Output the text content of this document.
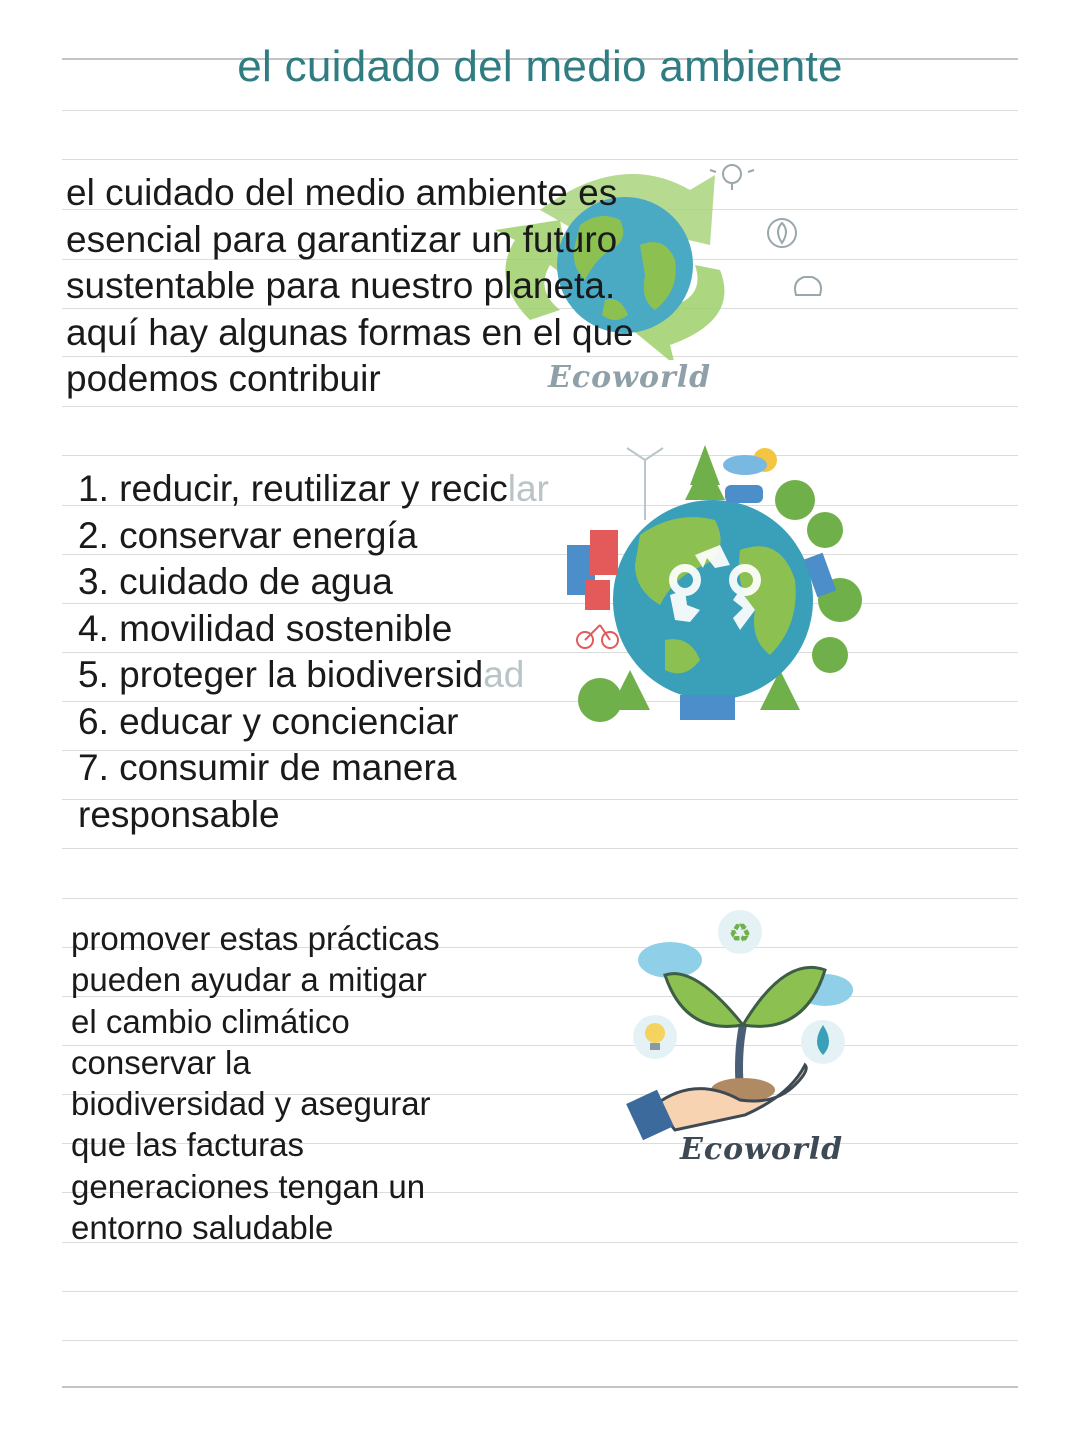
Ecoworld
♻
Ecoworld
el cuidado del medio ambiente
el cuidado del medio ambiente es
esencial para garantizar un futuro
sustentable para nuestro planeta.
aquí hay algunas formas en el que
podemos contribuir
1. reducir, reutilizar y reciclar
2. conservar energía
3. cuidado de agua
4. movilidad sostenible
5. proteger la biodiversidad
6. educar y concienciar
7. consumir de manera
responsable
promover estas prácticas
pueden ayudar a mitigar
el cambio climático
conservar la
biodiversidad y asegurar
que las facturas
generaciones tengan un
entorno saludable
